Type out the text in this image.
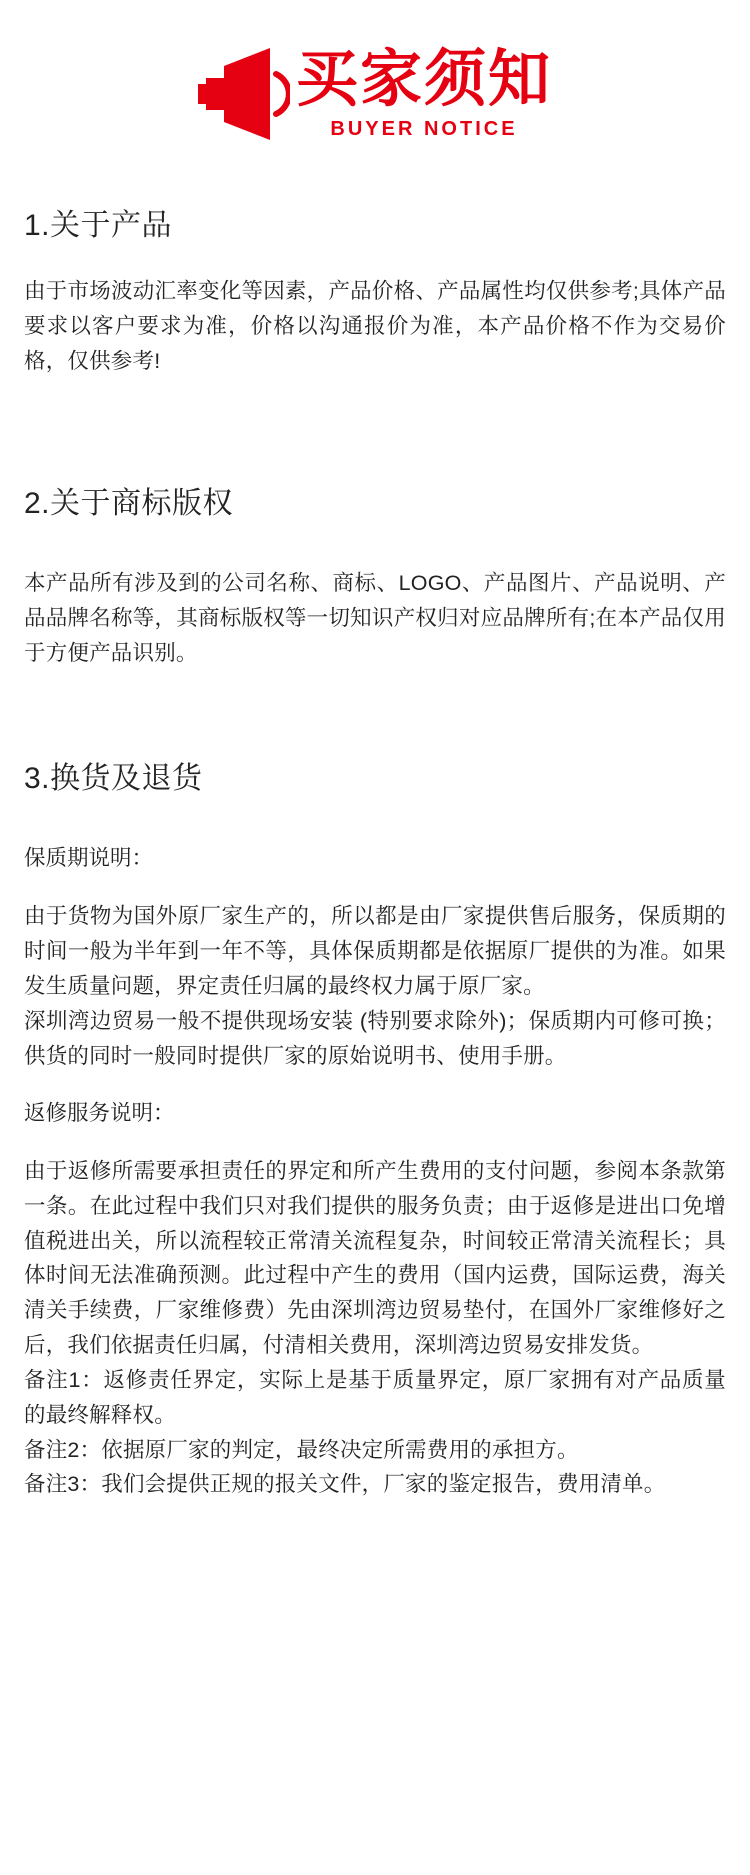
买家须知
BUYER NOTICE
1.关于产品

由于市场波动汇率变化等因素，产品价格、产品属性均仅供参考;具体产品要求以客户要求为准，价格以沟通报价为准，本产品价格不作为交易价格，仅供参考!

2.关于商标版权

本产品所有涉及到的公司名称、商标、LOGO、产品图片、产品说明、产品品牌名称等，其商标版权等一切知识产权归对应品牌所有;在本产品仅用于方便产品识别。

3.换货及退货
保质期说明：

由于货物为国外原厂家生产的，所以都是由厂家提供售后服务，保质期的时间一般为半年到一年不等，具体保质期都是依据原厂提供的为准。如果发生质量问题，界定责任归属的最终权力属于原厂家。

深圳湾边贸易一般不提供现场安装 (特别要求除外)；保质期内可修可换；供货的同时一般同时提供厂家的原始说明书、使用手册。

返修服务说明：

由于返修所需要承担责任的界定和所产生费用的支付问题，参阅本条款第一条。在此过程中我们只对我们提供的服务负责；由于返修是进出口免增值税进出关，所以流程较正常清关流程复杂，时间较正常清关流程长；具体时间无法准确预测。此过程中产生的费用（国内运费，国际运费，海关清关手续费，厂家维修费）先由深圳湾边贸易垫付，在国外厂家维修好之后，我们依据责任归属，付清相关费用，深圳湾边贸易安排发货。

备注1：返修责任界定，实际上是基于质量界定，原厂家拥有对产品质量的最终解释权。

备注2：依据原厂家的判定，最终决定所需费用的承担方。

备注3：我们会提供正规的报关文件，厂家的鉴定报告，费用清单。
